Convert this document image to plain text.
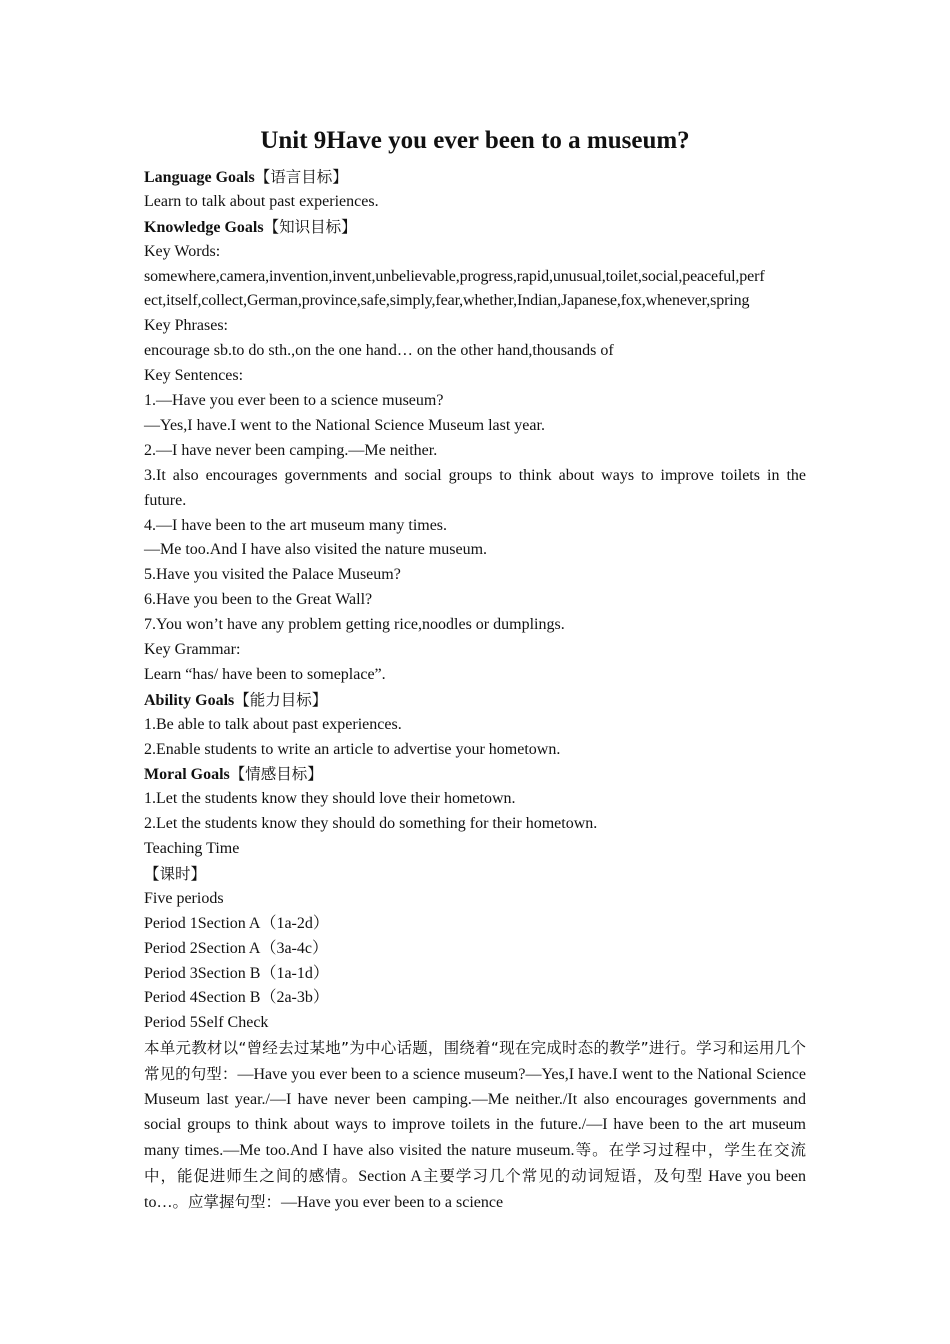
Unit 9Have you ever been to a museum?
Language Goals【语言目标】
Learn to talk about past experiences.
Knowledge Goals【知识目标】
Key Words:
somewhere,camera,invention,invent,unbelievable,progress,rapid,unusual,toilet,social,peaceful,perf
ect,itself,collect,German,province,safe,simply,fear,whether,Indian,Japanese,fox,whenever,spring
Key Phrases:
encourage sb.to do sth.,on the one hand… on the other hand,thousands of
Key Sentences:
1.—Have you ever been to a science museum?
—Yes,I have.I went to the National Science Museum last year.
2.—I have never been camping.—Me neither.
3.It also encourages governments and social groups to think about ways to improve toilets in the future.
4.—I have been to the art museum many times.
—Me too.And I have also visited the nature museum.
5.Have you visited the Palace Museum?
6.Have you been to the Great Wall?
7.You won’t have any problem getting rice,noodles or dumplings.
Key Grammar:
Learn “has/ have been to someplace”.
Ability Goals【能力目标】
1.Be able to talk about past experiences.
2.Enable students to write an article to advertise your hometown.
Moral Goals【情感目标】
1.Let the students know they should love their hometown.
2.Let the students know they should do something for their hometown.
Teaching Time
【课时】
Five periods
Period 1Section A（1a-2d）
Period 2Section A（3a-4c）
Period 3Section B（1a-1d）
Period 4Section B（2a-3b）
Period 5Self Check
本单元教材以“曾经去过某地”为中心话题，围绕着“现在完成时态的教学”进行。学习和运用几个常见的句型：—Have you ever been to a science museum?—Yes,I have.I went to the National Science Museum last year./—I have never been camping.—Me neither./It also encourages governments and social groups to think about ways to improve toilets in the future./—I have been to the art museum many times.—Me too.And I have also visited the nature museum.等。在学习过程中，学生在交流中，能促进师生之间的感情。Section A主要学习几个常见的动词短语，及句型 Have you been to…。应掌握句型：—Have you ever been to a science
